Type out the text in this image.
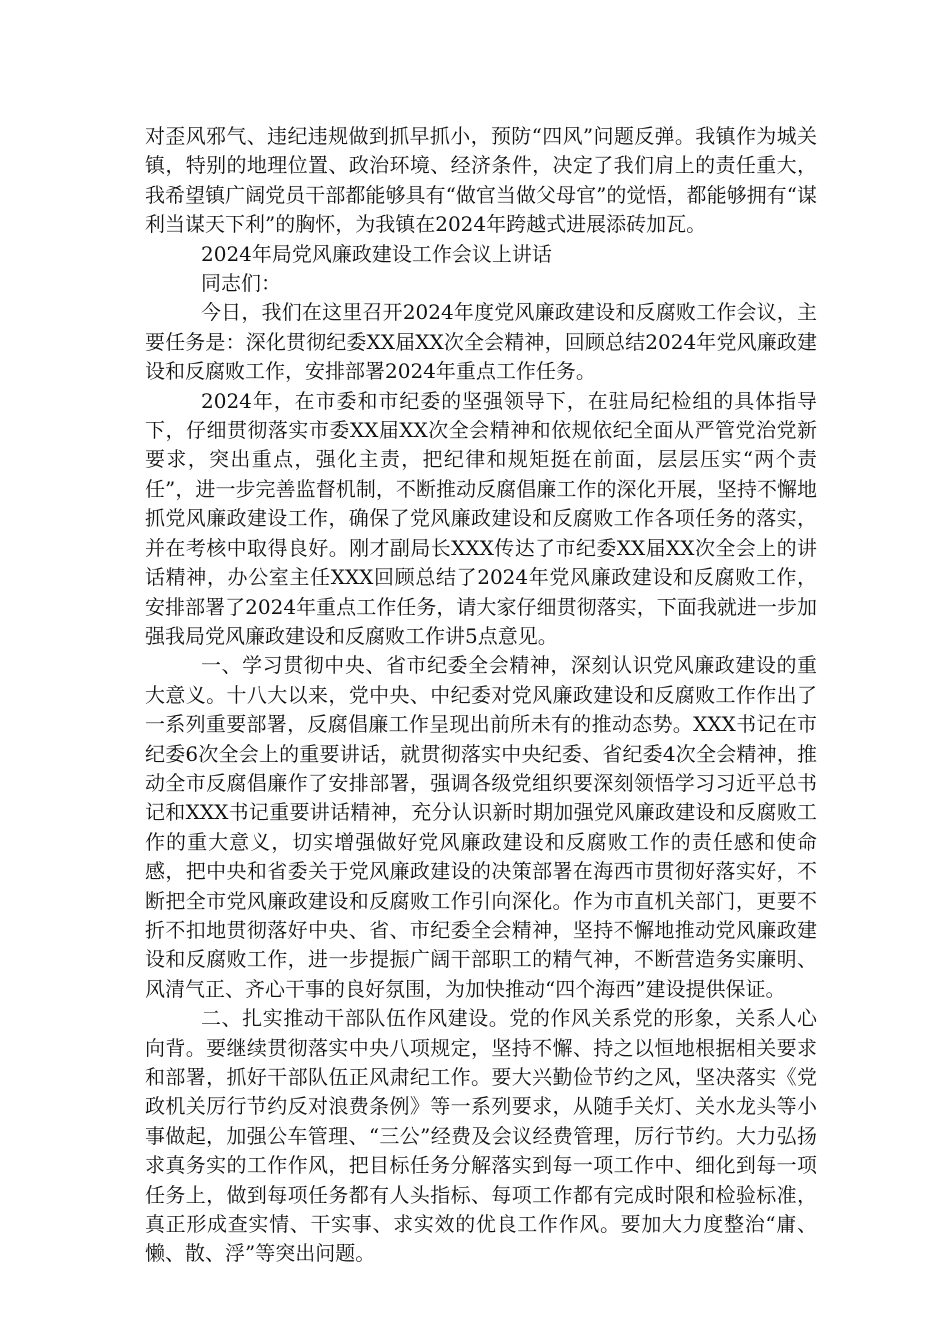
对歪风邪气、违纪违规做到抓早抓小，预防“四风”问题反弹。我镇作为城关镇，特别的地理位置、政治环境、经济条件，决定了我们肩上的责任重大，我希望镇广阔党员干部都能够具有“做官当做父母官”的觉悟，都能够拥有“谋利当谋天下利”的胸怀，为我镇在2024年跨越式进展添砖加瓦。

2024年局党风廉政建设工作会议上讲话

同志们：

今日，我们在这里召开2024年度党风廉政建设和反腐败工作会议，主要任务是：深化贯彻纪委XX届XX次全会精神，回顾总结2024年党风廉政建设和反腐败工作，安排部署2024年重点工作任务。

2024年，在市委和市纪委的坚强领导下，在驻局纪检组的具体指导下，仔细贯彻落实市委XX届XX次全会精神和依规依纪全面从严管党治党新要求，突出重点，强化主责，把纪律和规矩挺在前面，层层压实“两个责任”，进一步完善监督机制，不断推动反腐倡廉工作的深化开展，坚持不懈地抓党风廉政建设工作，确保了党风廉政建设和反腐败工作各项任务的落实，并在考核中取得良好。刚才副局长XXX传达了市纪委XX届XX次全会上的讲话精神，办公室主任XXX回顾总结了2024年党风廉政建设和反腐败工作，安排部署了2024年重点工作任务，请大家仔细贯彻落实，下面我就进一步加强我局党风廉政建设和反腐败工作讲5点意见。

一、学习贯彻中央、省市纪委全会精神，深刻认识党风廉政建设的重大意义。十八大以来，党中央、中纪委对党风廉政建设和反腐败工作作出了一系列重要部署，反腐倡廉工作呈现出前所未有的推动态势。XXX书记在市纪委6次全会上的重要讲话，就贯彻落实中央纪委、省纪委4次全会精神，推动全市反腐倡廉作了安排部署，强调各级党组织要深刻领悟学习习近平总书记和XXX书记重要讲话精神，充分认识新时期加强党风廉政建设和反腐败工作的重大意义，切实增强做好党风廉政建设和反腐败工作的责任感和使命感，把中央和省委关于党风廉政建设的决策部署在海西市贯彻好落实好，不断把全市党风廉政建设和反腐败工作引向深化。作为市直机关部门，更要不折不扣地贯彻落好中央、省、市纪委全会精神，坚持不懈地推动党风廉政建设和反腐败工作，进一步提振广阔干部职工的精气神，不断营造务实廉明、风清气正、齐心干事的良好氛围，为加快推动“四个海西”建设提供保证。

二、扎实推动干部队伍作风建设。党的作风关系党的形象，关系人心向背。要继续贯彻落实中央八项规定，坚持不懈、持之以恒地根据相关要求和部署，抓好干部队伍正风肃纪工作。要大兴勤俭节约之风，坚决落实《党政机关厉行节约反对浪费条例》等一系列要求，从随手关灯、关水龙头等小事做起，加强公车管理、“三公”经费及会议经费管理，厉行节约。大力弘扬求真务实的工作作风，把目标任务分解落实到每一项工作中、细化到每一项任务上，做到每项任务都有人头指标、每项工作都有完成时限和检验标准，真正形成查实情、干实事、求实效的优良工作作风。要加大力度整治“庸、懒、散、浮”等突出问题。
